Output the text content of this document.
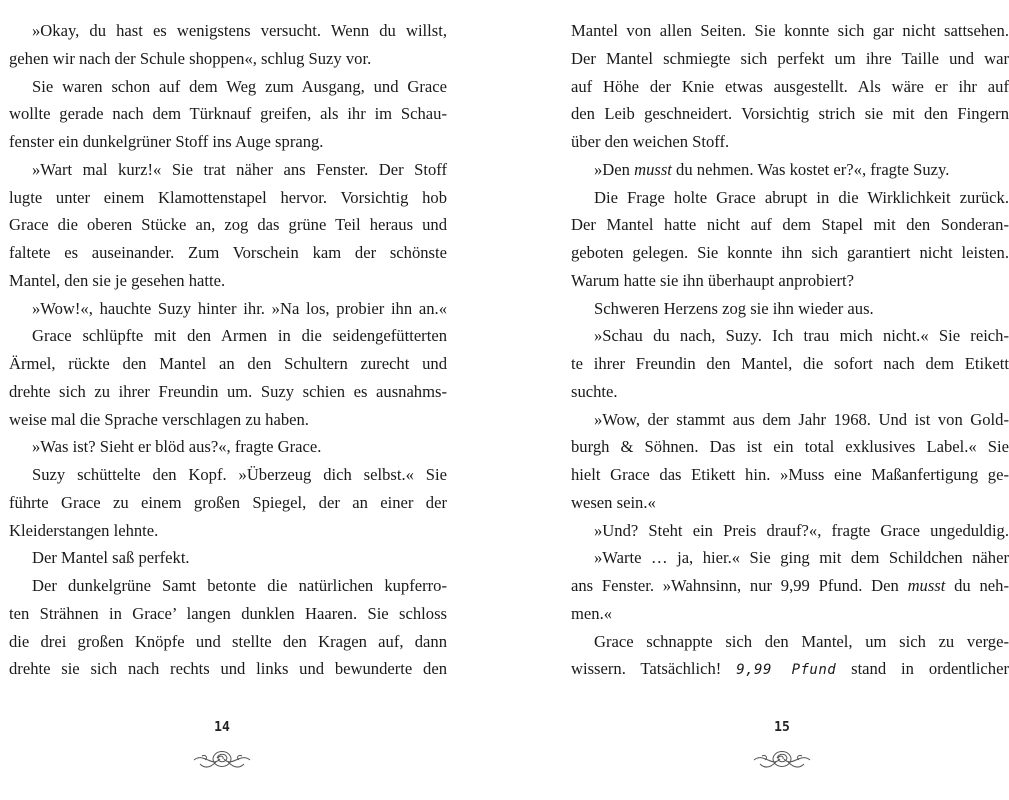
»Okay, du hast es wenigstens versucht. Wenn du willst,
gehen wir nach der Schule shoppen«, schlug Suzy vor.
Sie waren schon auf dem Weg zum Ausgang, und Grace
wollte gerade nach dem Türknauf greifen, als ihr im Schau-
fenster ein dunkelgrüner Stoff ins Auge sprang.
»Wart mal kurz!« Sie trat näher ans Fenster. Der Stoff
lugte unter einem Klamottenstapel hervor. Vorsichtig hob
Grace die oberen Stücke an, zog das grüne Teil heraus und
faltete es auseinander. Zum Vorschein kam der schönste
Mantel, den sie je gesehen hatte.
»Wow!«, hauchte Suzy hinter ihr. »Na los, probier ihn an.«
Grace schlüpfte mit den Armen in die seidengefütterten
Ärmel, rückte den Mantel an den Schultern zurecht und
drehte sich zu ihrer Freundin um. Suzy schien es ausnahms-
weise mal die Sprache verschlagen zu haben.
»Was ist? Sieht er blöd aus?«, fragte Grace.
Suzy schüttelte den Kopf. »Überzeug dich selbst.« Sie
führte Grace zu einem großen Spiegel, der an einer der
Kleiderstangen lehnte.
Der Mantel saß perfekt.
Der dunkelgrüne Samt betonte die natürlichen kupferro-
ten Strähnen in Grace’ langen dunklen Haaren. Sie schloss
die drei großen Knöpfe und stellte den Kragen auf, dann
drehte sie sich nach rechts und links und bewunderte den
Mantel von allen Seiten. Sie konnte sich gar nicht sattsehen.
Der Mantel schmiegte sich perfekt um ihre Taille und war
auf Höhe der Knie etwas ausgestellt. Als wäre er ihr auf
den Leib geschneidert. Vorsichtig strich sie mit den Fingern
über den weichen Stoff.
»Den musst du nehmen. Was kostet er?«, fragte Suzy.
Die Frage holte Grace abrupt in die Wirklichkeit zurück.
Der Mantel hatte nicht auf dem Stapel mit den Sonderan-
geboten gelegen. Sie konnte ihn sich garantiert nicht leisten.
Warum hatte sie ihn überhaupt anprobiert?
Schweren Herzens zog sie ihn wieder aus.
»Schau du nach, Suzy. Ich trau mich nicht.« Sie reich-
te ihrer Freundin den Mantel, die sofort nach dem Etikett
suchte.
»Wow, der stammt aus dem Jahr 1968. Und ist von Gold-
burgh & Söhnen. Das ist ein total exklusives Label.« Sie
hielt Grace das Etikett hin. »Muss eine Maßanfertigung ge-
wesen sein.«
»Und? Steht ein Preis drauf?«, fragte Grace ungeduldig.
»Warte … ja, hier.« Sie ging mit dem Schildchen näher
ans Fenster. »Wahnsinn, nur 9,99 Pfund. Den musst du neh-
men.«
Grace schnappte sich den Mantel, um sich zu verge-
wissern. Tatsächlich! 9,99 Pfund stand in ordentlicher
14	15
